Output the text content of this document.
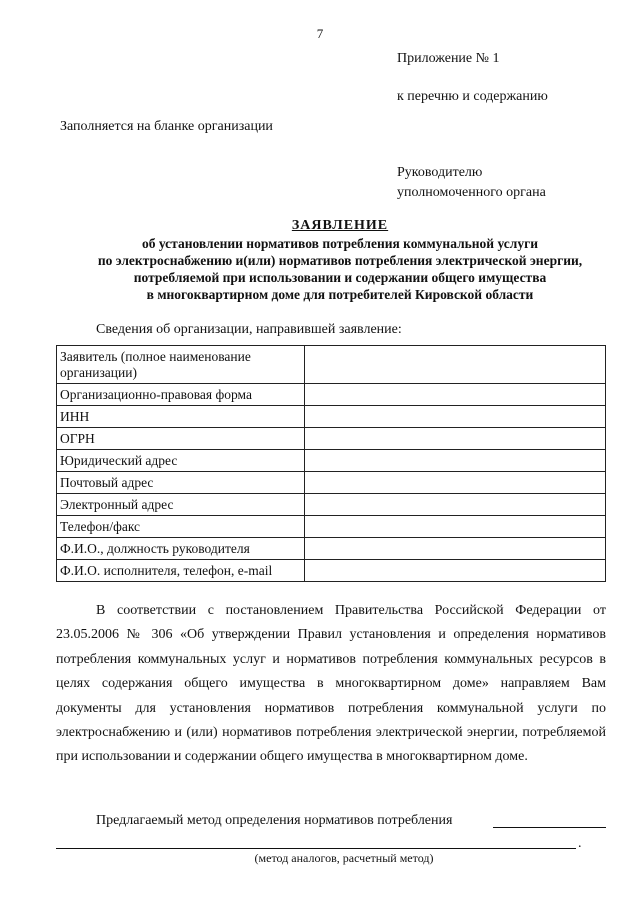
7
Приложение № 1
к перечню и содержанию
Заполняется на бланке организации
Руководителю
уполномоченного органа
ЗАЯВЛЕНИЕ
об установлении нормативов потребления коммунальной услуги
по электроснабжению и(или) нормативов потребления электрической энергии,
потребляемой при использовании и содержании общего имущества
в многоквартирном доме для потребителей Кировской области
Сведения об организации, направившей заявление:
Заявитель (полное наименование организации)	
Организационно-правовая форма	
ИНН	
ОГРН	
Юридический адрес	
Почтовый адрес	
Электронный адрес	
Телефон/факс	
Ф.И.О., должность руководителя	
Ф.И.О. исполнителя, телефон, e-mail	
В соответствии с постановлением Правительства Российской Федерации от 23.05.2006 № 306 «Об утверждении Правил установления и определения нормативов потребления коммунальных услуг и нормативов потребления коммунальных ресурсов в целях содержания общего имущества в многоквартирном доме» направляем Вам документы для установления нормативов потребления коммунальной услуги по электроснабжению и (или) нормативов потребления электрической энергии, потребляемой при использовании и содержании общего имущества в многоквартирном доме.
Предлагаемый метод определения нормативов потребления
.
(метод аналогов, расчетный метод)
